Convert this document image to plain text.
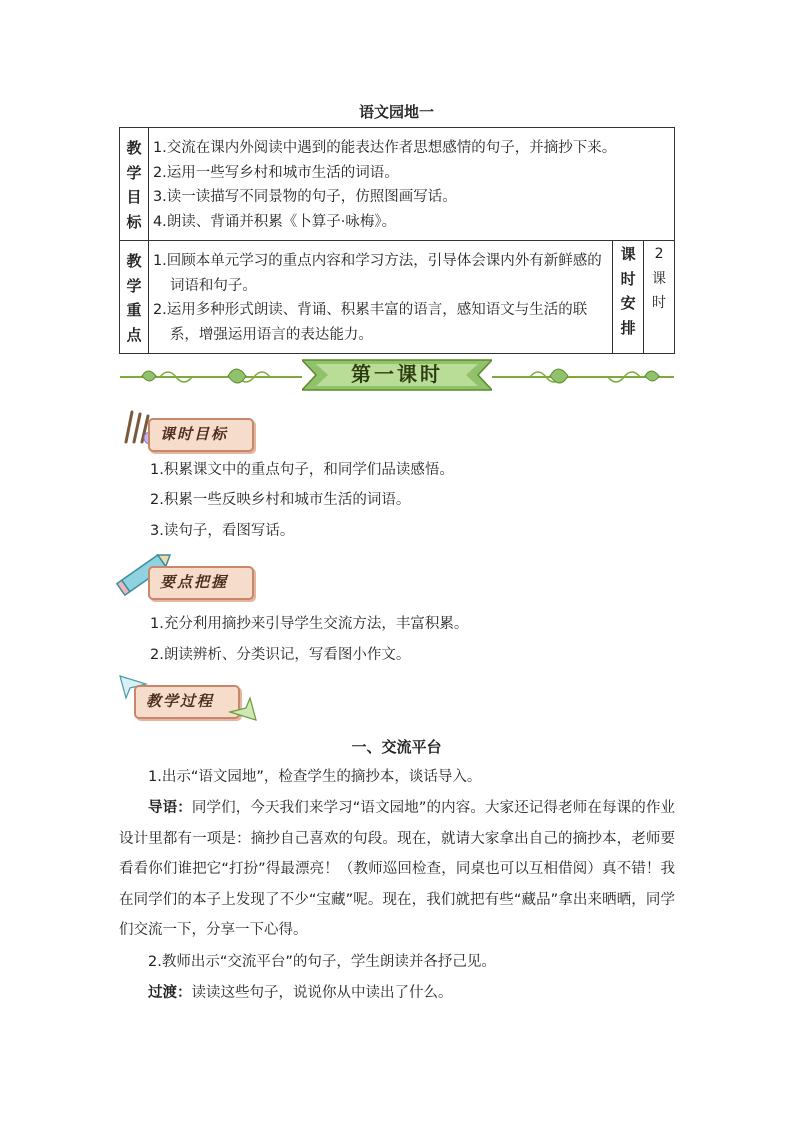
语文园地一
教
学
目
标	1.交流在课内外阅读中遇到的能表达作者思想感情的句子，并摘抄下来。
2.运用一些写乡村和城市生活的词语。
3.读一读描写不同景物的句子，仿照图画写话。
4.朗读、背诵并积累《卜算子·咏梅》。		

教
学
重
点	1.回顾本单元学习的重点内容和学习方法，引导体会课内外有新鲜感的词语和句子。
2.运用多种形式朗读、背诵、积累丰富的语言，感知语文与生活的联系，增强运用语言的表达能力。	课
时
安
排	2
课
时
第一课时
课时目标
1.积累课文中的重点句子，和同学们品读感悟。
2.积累一些反映乡村和城市生活的词语。
3.读句子，看图写话。
要点把握
1.充分利用摘抄来引导学生交流方法，丰富积累。
2.朗读辨析、分类识记，写看图小作文。
教学过程
一、交流平台
1.出示“语文园地”，检查学生的摘抄本，谈话导入。
导语：同学们，今天我们来学习“语文园地”的内容。大家还记得老师在每课的作业设计里都有一项是：摘抄自己喜欢的句段。现在，就请大家拿出自己的摘抄本，老师要看看你们谁把它“打扮”得最漂亮！（教师巡回检查，同桌也可以互相借阅）真不错！我在同学们的本子上发现了不少“宝藏”呢。现在，我们就把有些“藏品”拿出来晒晒，同学们交流一下，分享一下心得。
2.教师出示“交流平台”的句子，学生朗读并各抒己见。
过渡：读读这些句子，说说你从中读出了什么。
